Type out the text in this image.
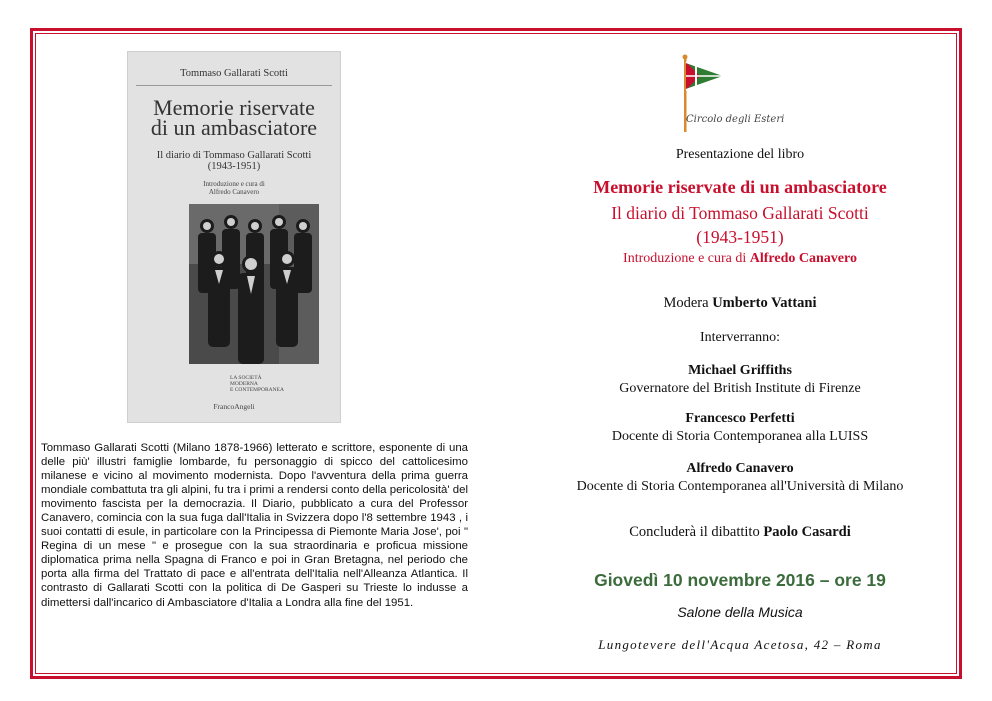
Tommaso Gallarati Scotti
Memorie riservate
di un ambasciatore
Il diario di Tommaso Gallarati Scotti
(1943-1951)
Introduzione e cura di
Alfredo Canavero
LA SOCIETÀ
MODERNA
E CONTEMPORANEA
FrancoAngeli
Tommaso Gallarati Scotti (Milano 1878-1966) letterato e scrittore, esponente di una delle più' illustri famiglie lombarde, fu personaggio di spicco del cattolicesimo milanese e vicino al movimento modernista. Dopo l'avventura della prima guerra mondiale combattuta tra gli alpini, fu tra i primi a rendersi conto della pericolosità' del movimento fascista per la democrazia. Il Diario, pubblicato a cura del Professor Canavero, comincia con la sua fuga dall'Italia in Svizzera dopo l'8 settembre 1943 , i suoi contatti di esule, in particolare con la Principessa di Piemonte Maria Jose', poi " Regina di un mese " e prosegue con la sua straordinaria e proficua missione diplomatica prima nella Spagna di Franco e poi in Gran Bretagna, nel periodo che porta alla firma del Trattato di pace e all'entrata dell'Italia nell'Alleanza Atlantica. Il contrasto di Gallarati Scotti con la politica di De Gasperi su Trieste lo indusse a dimettersi dall'incarico di Ambasciatore d'Italia a Londra alla fine del 1951.
Circolo degli Esteri
Presentazione del libro
Memorie riservate di un ambasciatore
Il diario di Tommaso Gallarati Scotti
(1943-1951)
Introduzione e cura di Alfredo Canavero
Modera Umberto Vattani
Interverranno:
Michael Griffiths
Governatore del British Institute di Firenze
Francesco Perfetti
Docente di Storia Contemporanea alla LUISS
Alfredo Canavero
Docente di Storia Contemporanea all'Università di Milano
Concluderà il dibattito Paolo Casardi
Giovedì 10 novembre 2016 – ore 19
Salone della Musica
Lungotevere dell'Acqua Acetosa, 42 – Roma
